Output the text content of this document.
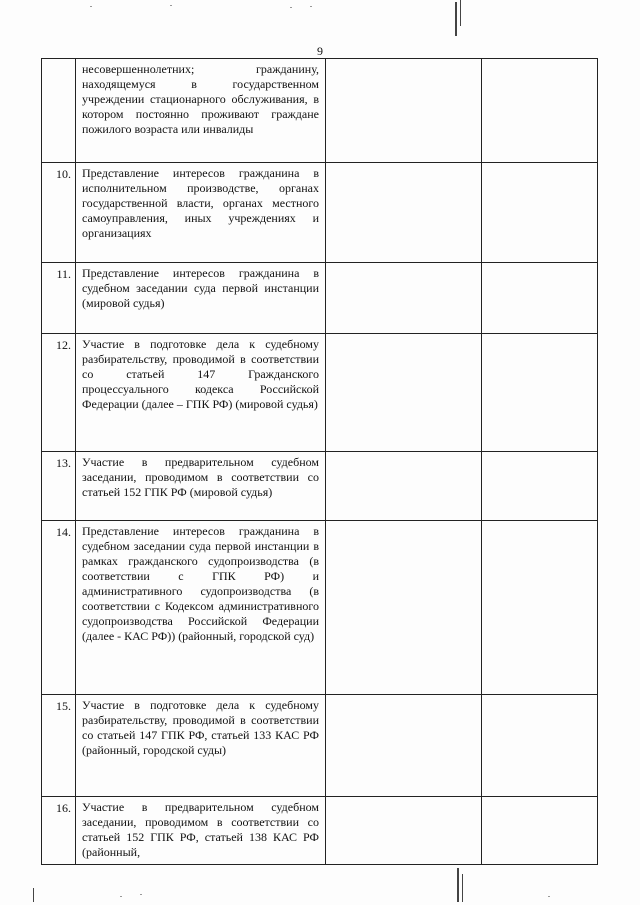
9

	несовершеннолетних; гражданину, находящемуся в государственном учреждении стационарного обслуживания, в котором постоянно проживают граждане пожилого возраста или инвалиды		

10.	Представление интересов гражданина в исполнительном производстве, органах государственной власти, органах местного самоуправления, иных учреждениях и организациях		

11.	Представление интересов гражданина в судебном заседании суда первой инстанции (мировой судья)		

12.	Участие в подготовке дела к судебному разбирательству, проводимой в соответствии со статьей 147 Гражданского процессуального кодекса Российской Федерации (далее – ГПК РФ) (мировой судья)		

13.	Участие в предварительном судебном заседании, проводимом в соответствии со статьей 152 ГПК РФ (мировой судья)		

14.	Представление интересов гражданина в судебном заседании суда первой инстанции в рамках гражданского судопроизводства (в соответствии с ГПК РФ) и административного судопроизводства (в соответствии с Кодексом административного судопроизводства Российской Федерации (далее - КАС РФ)) (районный, городской суд)		

15.	Участие в подготовке дела к судебному разбирательству, проводимой в соответствии со статьей 147 ГПК РФ, статьей 133 КАС РФ (районный, городской суды)		

16.	Участие в предварительном судебном заседании, проводимом в соответствии со статьей 152 ГПК РФ, статьей 138 КАС РФ (районный,		
